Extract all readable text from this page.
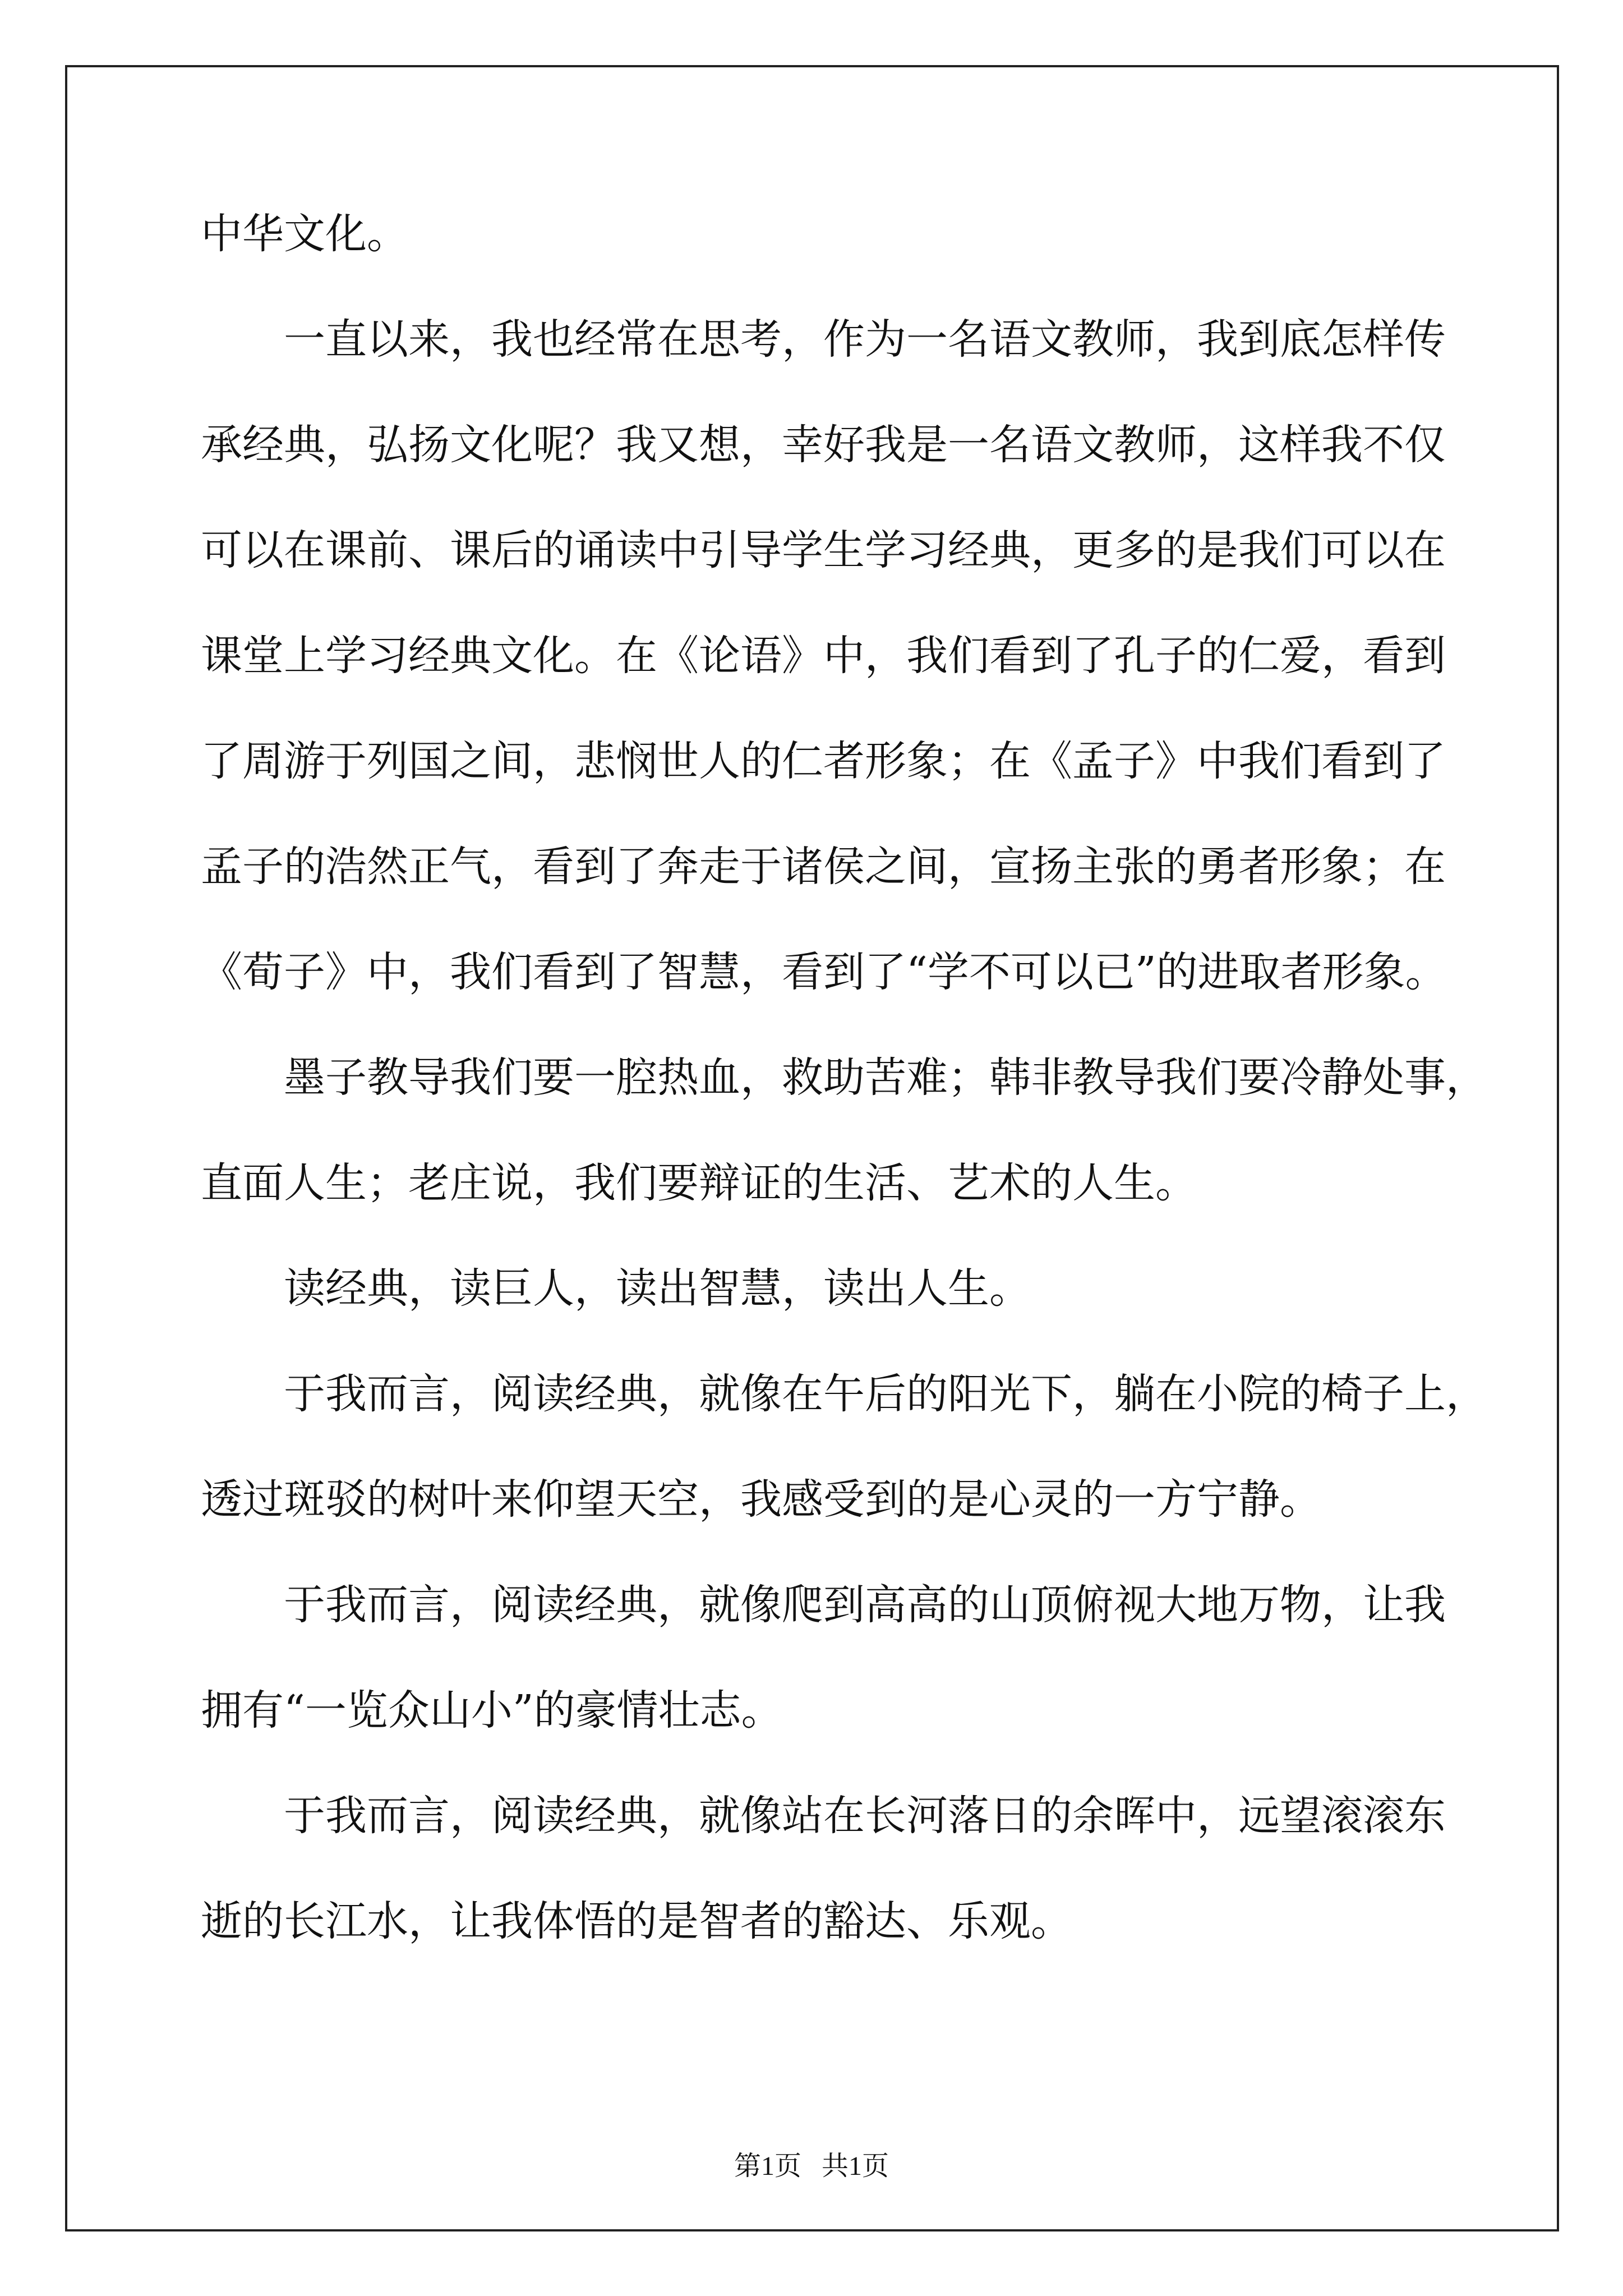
中华文化。
一直以来，我也经常在思考，作为一名语文教师，我到底怎样传
承经典，弘扬文化呢？我又想，幸好我是一名语文教师，这样我不仅
可以在课前、课后的诵读中引导学生学习经典，更多的是我们可以在
课堂上学习经典文化。在《论语》中，我们看到了孔子的仁爱，看到
了周游于列国之间，悲悯世人的仁者形象；在《孟子》中我们看到了
孟子的浩然正气，看到了奔走于诸侯之间，宣扬主张的勇者形象；在
《荀子》中，我们看到了智慧，看到了“学不可以已”的进取者形象。
墨子教导我们要一腔热血，救助苦难；韩非教导我们要冷静处事，
直面人生；老庄说，我们要辩证的生活、艺术的人生。
读经典，读巨人，读出智慧，读出人生。
于我而言，阅读经典，就像在午后的阳光下，躺在小院的椅子上，
透过斑驳的树叶来仰望天空，我感受到的是心灵的一方宁静。
于我而言，阅读经典，就像爬到高高的山顶俯视大地万物，让我
拥有“一览众山小”的豪情壮志。
于我而言，阅读经典，就像站在长河落日的余晖中，远望滚滚东
逝的长江水，让我体悟的是智者的豁达、乐观。
第1页   共1页
